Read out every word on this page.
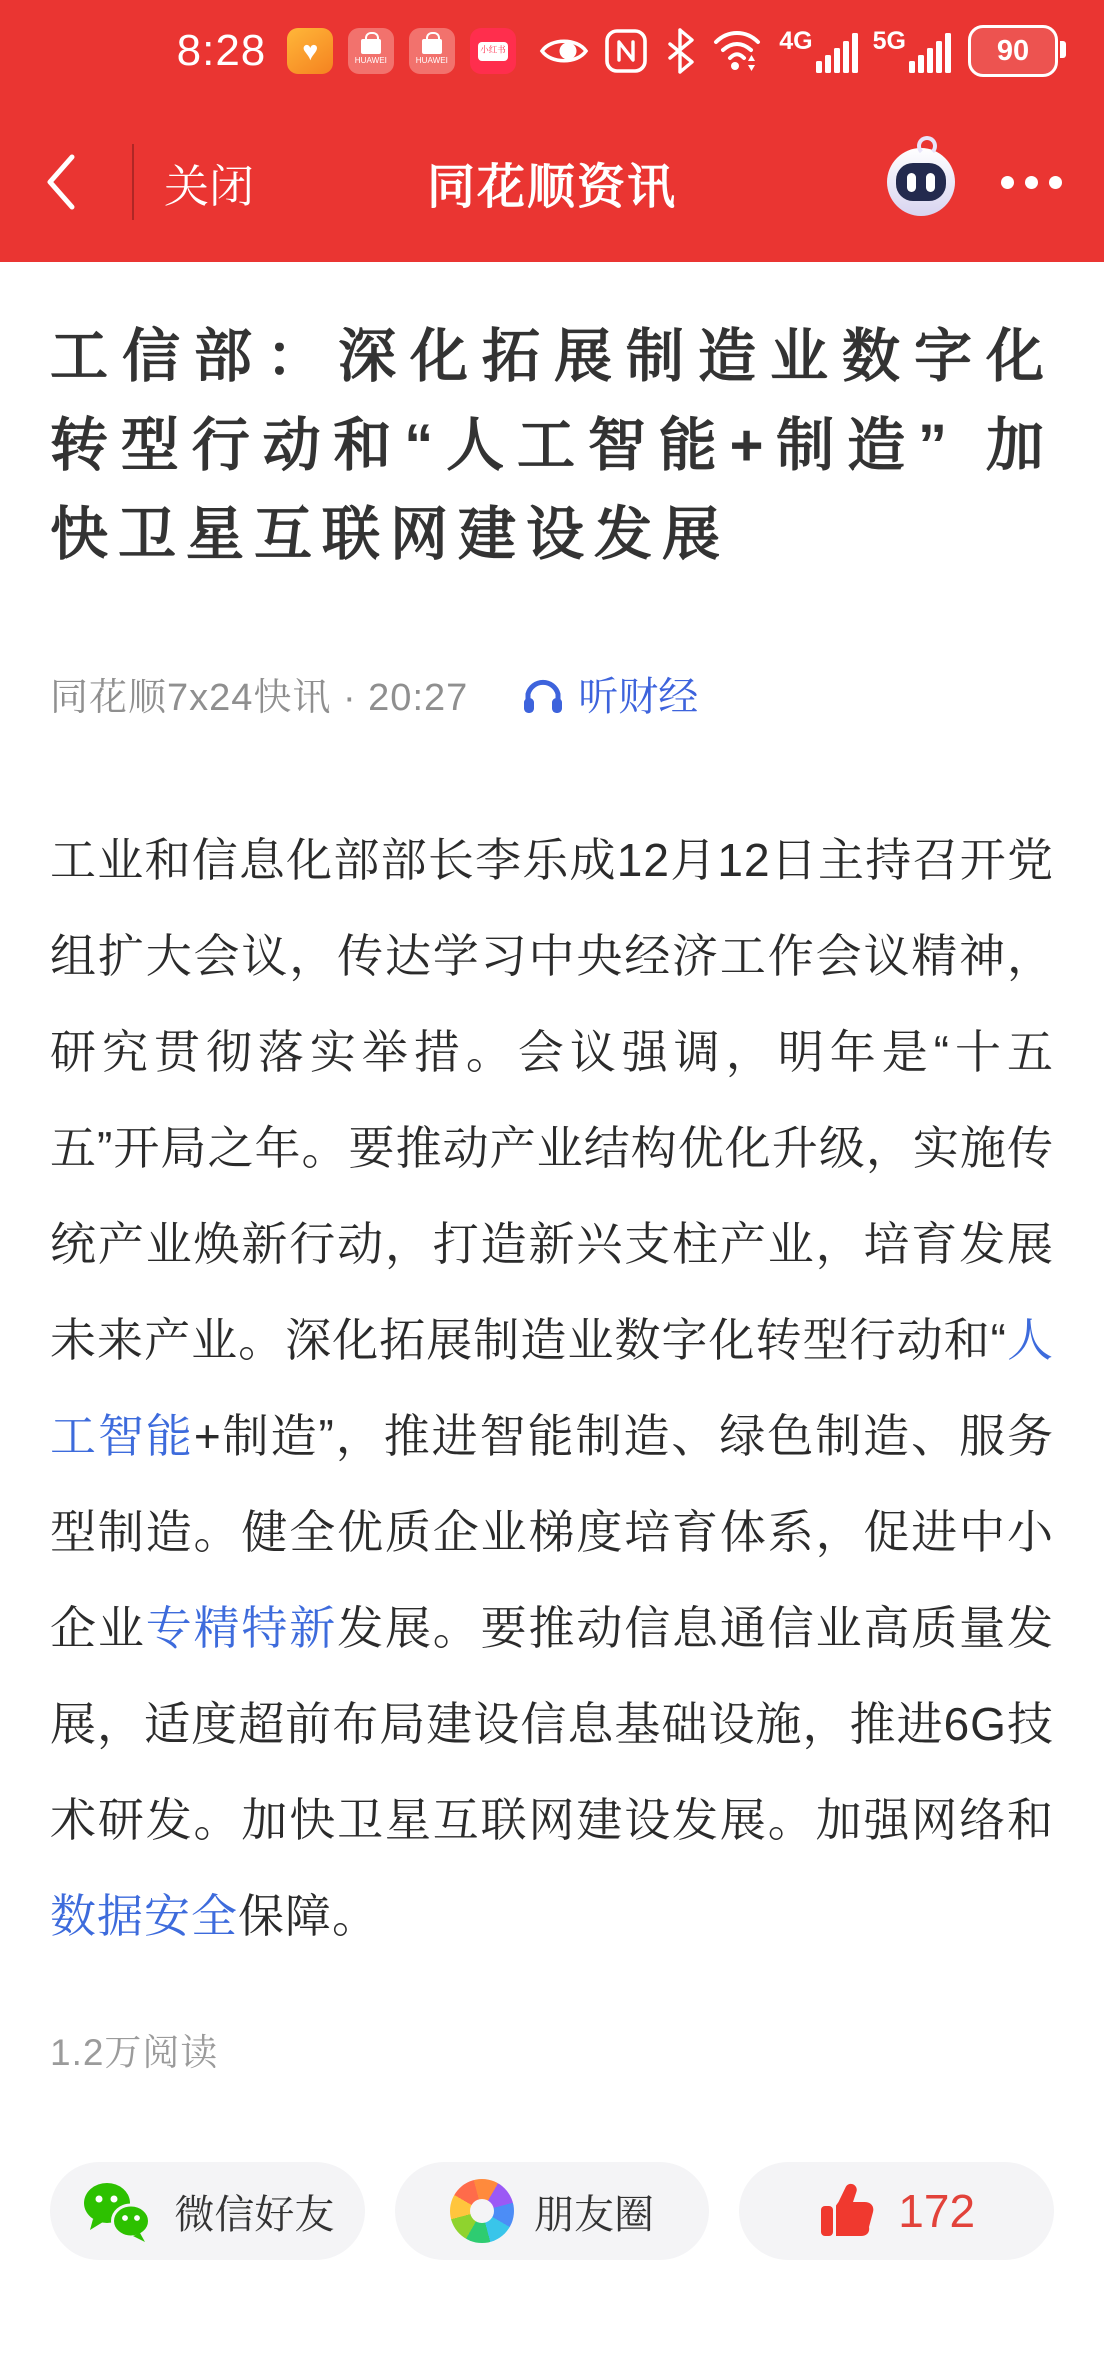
8:28 ♥	HUAWEI	HUAWEI
小红书	4G 5G	90
关闭	同花顺资讯
工信部：深化拓展制造业数字化转型行动和“人工智能+制造” 加快卫星互联网建设发展
同花顺7x24快讯 · 20:27	听财经

工业和信息化部部长李乐成12月12日主持召开党组扩大会议，传达学习中央经济工作会议精神，研究贯彻落实举措。会议强调，明年是“十五五”开局之年。要推动产业结构优化升级，实施传统产业焕新行动，打造新兴支柱产业，培育发展未来产业。深化拓展制造业数字化转型行动和“人工智能+制造”，推进智能制造、绿色制造、服务型制造。健全优质企业梯度培育体系，促进中小企业专精特新发展。要推动信息通信业高质量发展，适度超前布局建设信息基础设施，推进6G技术研发。加快卫星互联网建设发展。加强网络和数据安全保障。

1.2万阅读
微信好友	朋友圈	172
